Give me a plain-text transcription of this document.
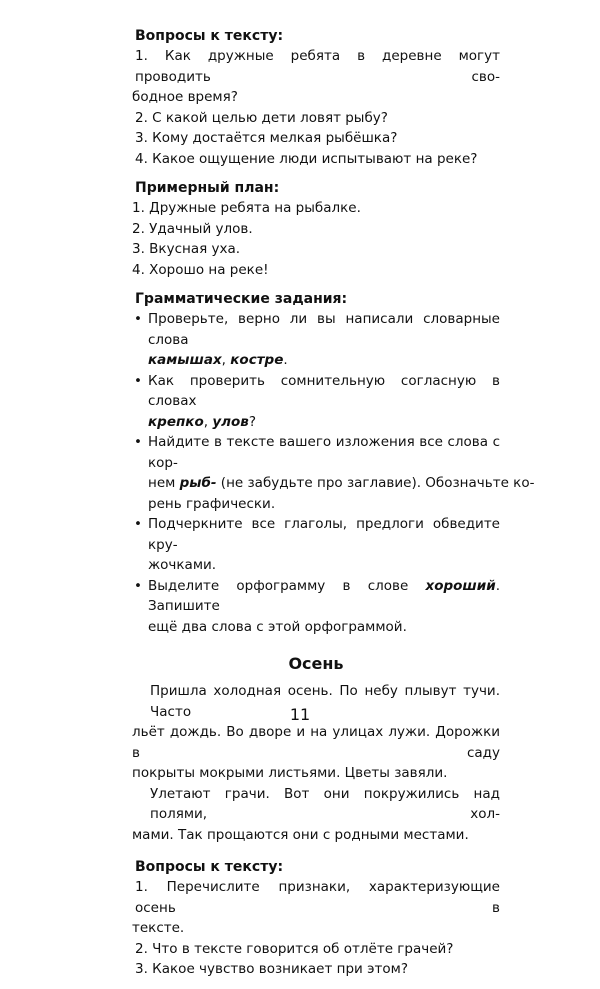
Вопросы к тексту:

1. Как дружные ребята в деревне могут проводить сво-

бодное время?

2. С какой целью дети ловят рыбу?

3. Кому достаётся мелкая рыбёшка?

4. Какое ощущение люди испытывают на реке?

Примерный план:

1. Дружные ребята на рыбалке.

2. Удачный улов.

3. Вкусная уха.

4. Хорошо на реке!

Грамматические задания:

• Проверьте, верно ли вы написали словарные слова
камышах, костре.
• Как проверить сомнительную согласную в словах
крепко, улов?
• Найдите в тексте вашего изложения все слова с кор-
нем рыб- (не забудьте про заглавие). Обозначьте ко-
рень графически.
• Подчеркните все глаголы, предлоги обведите кру-
жочками.
• Выделите орфограмму в слове хороший. Запишите
ещё два слова с этой орфограммой.

Осень

Пришла холодная осень. По небу плывут тучи. Часто

льёт дождь. Во дворе и на улицах лужи. Дорожки в саду

покрыты мокрыми листьями. Цветы завяли.

Улетают грачи. Вот они покружились над полями, хол-

мами. Так прощаются они с родными местами.

Вопросы к тексту:

1. Перечислите признаки, характеризующие осень в

тексте.

2. Что в тексте говорится об отлёте грачей?

3. Какое чувство возникает при этом?

11
